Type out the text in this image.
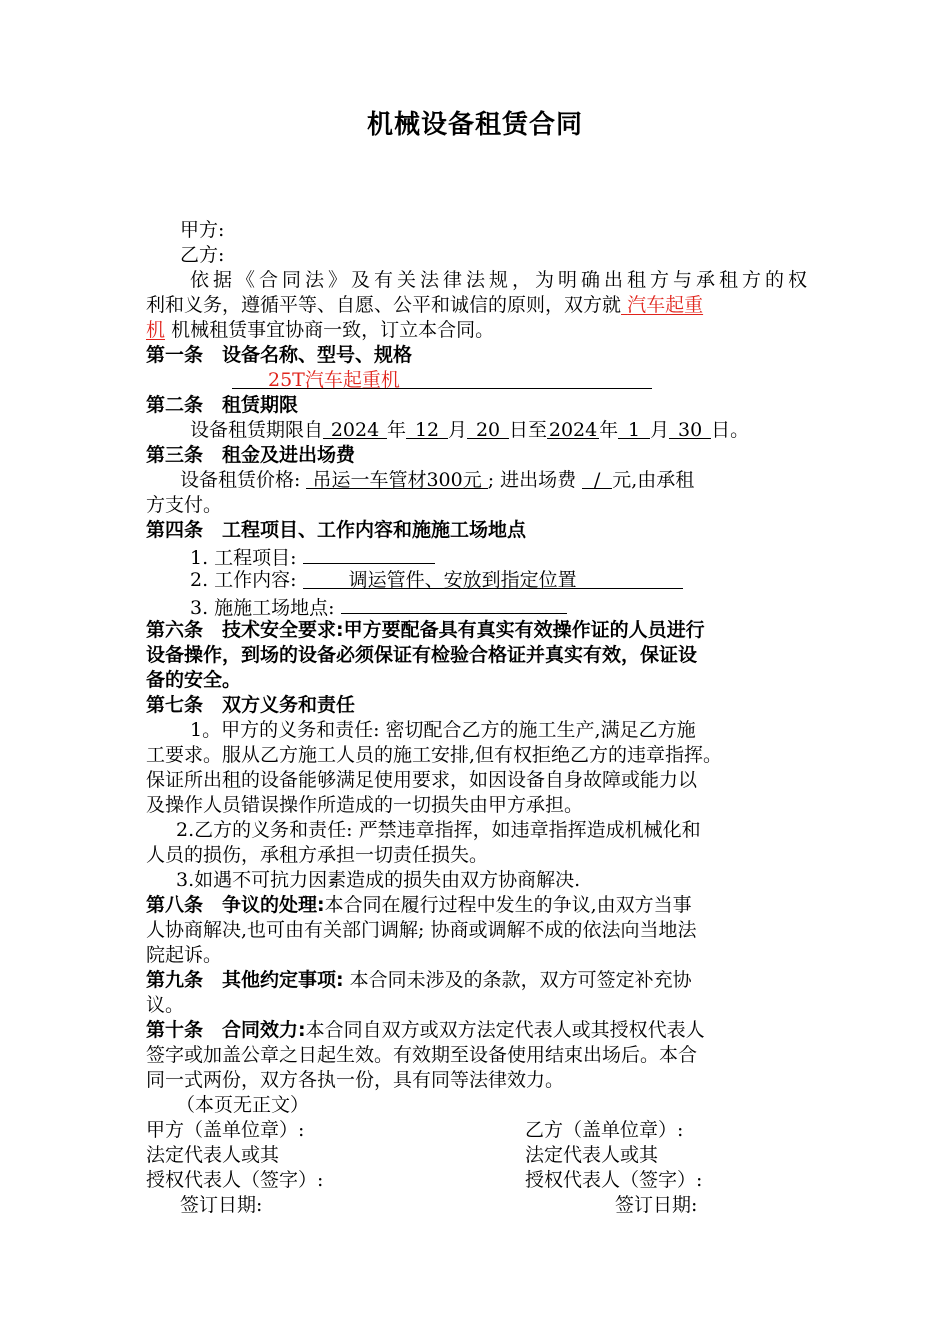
机械设备租赁合同
甲方:
乙方:
依据《合同法》及有关法律法规，为明确出租方与承租方的权
利和义务，遵循平等、自愿、公平和诚信的原则，双方就 汽车起重
机 机械租赁事宜协商一致，订立本合同。
第一条　设备名称、型号、规格
25T汽车起重机
第二条　租赁期限
设备租赁期限自 2024 年 12 月 20 日至2024年 1 月 30 日。
第三条　租金及进出场费
设备租赁价格: 吊运一车管材300元 ; 进出场费 / 元,由承租
方支付。
第四条　工程项目、工作内容和施施工场地点
1. 工程项目:
2. 工作内容:	调运管件、安放到指定位置
3. 施施工场地点:
第六条　技术安全要求:甲方要配备具有真实有效操作证的人员进行
设备操作，到场的设备必须保证有检验合格证并真实有效，保证设
备的安全。
第七条　双方义务和责任
1。甲方的义务和责任: 密切配合乙方的施工生产,满足乙方施
工要求。服从乙方施工人员的施工安排,但有权拒绝乙方的违章指挥。
保证所出租的设备能够满足使用要求，如因设备自身故障或能力以
及操作人员错误操作所造成的一切损失由甲方承担。
2.乙方的义务和责任: 严禁违章指挥，如违章指挥造成机械化和
人员的损伤，承租方承担一切责任损失。
3.如遇不可抗力因素造成的损失由双方协商解决.
第八条　争议的处理:本合同在履行过程中发生的争议,由双方当事
人协商解决,也可由有关部门调解; 协商或调解不成的依法向当地法
院起诉。
第九条　其他约定事项: 本合同未涉及的条款，双方可签定补充协
议。
第十条　合同效力:本合同自双方或双方法定代表人或其授权代表人
签字或加盖公章之日起生效。有效期至设备使用结束出场后。本合
同一式两份，双方各执一份，具有同等法律效力。
（本页无正文）
甲方（盖单位章）:	乙方（盖单位章）:
法定代表人或其	法定代表人或其
授权代表人（签字）:	授权代表人（签字）:
签订日期:	签订日期:
